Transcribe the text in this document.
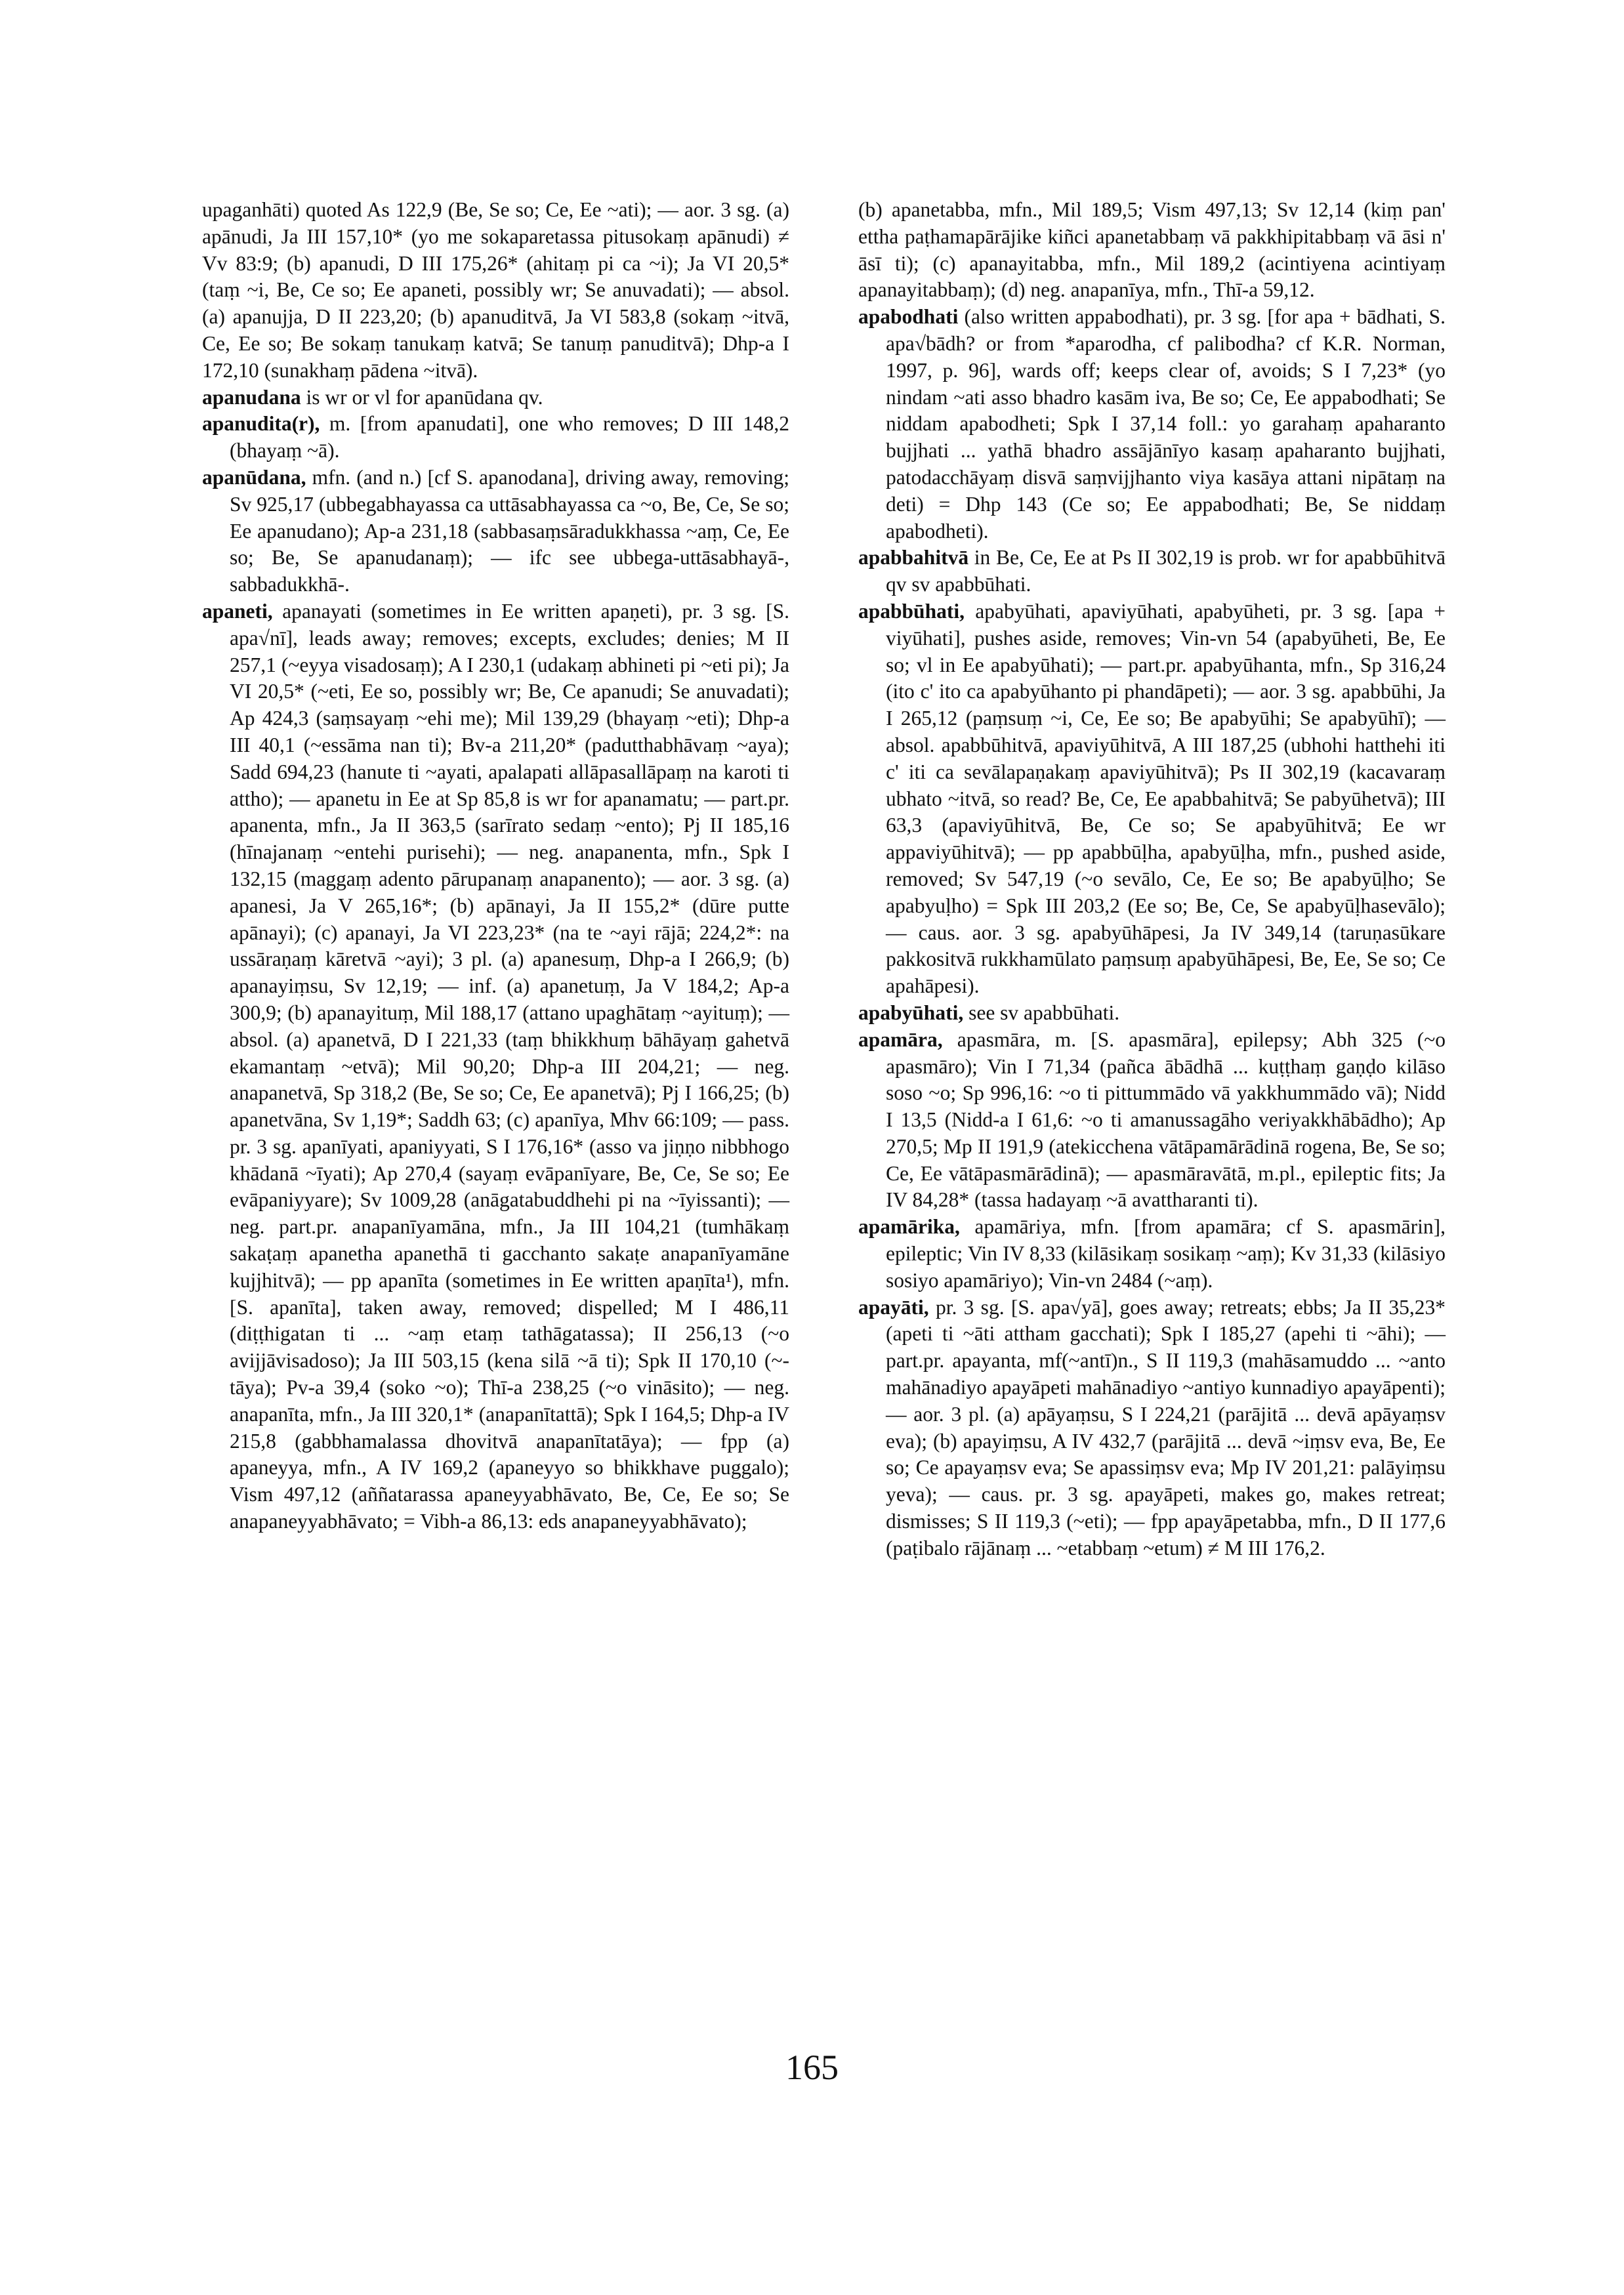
upaganhāti) quoted As 122,9 (Be, Se so; Ce, Ee ~ati); — aor. 3 sg. (a) apānudi, Ja III 157,10* (yo me sokaparetassa pitusokaṃ apānudi) ≠ Vv 83:9; (b) apanudi, D III 175,26* (ahitaṃ pi ca ~i); Ja VI 20,5* (taṃ ~i, Be, Ce so; Ee apaneti, possibly wr; Se anuvadati); — absol. (a) apanujja, D II 223,20; (b) apanuditvā, Ja VI 583,8 (sokaṃ ~itvā, Ce, Ee so; Be sokaṃ tanukaṃ katvā; Se tanuṃ panuditvā); Dhp-a I 172,10 (sunakhaṃ pādena ~itvā).

apanudana is wr or vl for apanūdana qv.

apanudita(r), m. [from apanudati], one who removes; D III 148,2 (bhayaṃ ~ā).

apanūdana, mfn. (and n.) [cf S. apanodana], driving away, removing; Sv 925,17 (ubbegabhayassa ca uttāsabhayassa ca ~o, Be, Ce, Se so; Ee apanudano); Ap-a 231,18 (sabbasaṃsāradukkhassa ~aṃ, Ce, Ee so; Be, Se apanudanaṃ); — ifc see ubbega-uttāsabhayā-, sabbadukkhā-.

apaneti, apanayati (sometimes in Ee written apaṇeti), pr. 3 sg. [S. apa√nī], leads away; removes; excepts, excludes; denies; M II 257,1 (~eyya visadosaṃ); A I 230,1 (udakaṃ abhineti pi ~eti pi); Ja VI 20,5* (~eti, Ee so, possibly wr; Be, Ce apanudi; Se anuvadati); Ap 424,3 (saṃsayaṃ ~ehi me); Mil 139,29 (bhayaṃ ~eti); Dhp-a III 40,1 (~essāma nan ti); Bv-a 211,20* (padutthabhāvaṃ ~aya); Sadd 694,23 (hanute ti ~ayati, apalapati allāpasallāpaṃ na karoti ti attho); — apanetu in Ee at Sp 85,8 is wr for apanamatu; — part.pr. apanenta, mfn., Ja II 363,5 (sarīrato sedaṃ ~ento); Pj II 185,16 (hīnajanaṃ ~entehi purisehi); — neg. anapanenta, mfn., Spk I 132,15 (maggaṃ adento pārupanaṃ anapanento); — aor. 3 sg. (a) apanesi, Ja V 265,16*; (b) apānayi, Ja II 155,2* (dūre putte apānayi); (c) apanayi, Ja VI 223,23* (na te ~ayi rājā; 224,2*: na ussāraṇaṃ kāretvā ~ayi); 3 pl. (a) apanesuṃ, Dhp-a I 266,9; (b) apanayiṃsu, Sv 12,19; — inf. (a) apanetuṃ, Ja V 184,2; Ap-a 300,9; (b) apanayituṃ, Mil 188,17 (attano upaghātaṃ ~ayituṃ); — absol. (a) apanetvā, D I 221,33 (taṃ bhikkhuṃ bāhāyaṃ gahetvā ekamantaṃ ~etvā); Mil 90,20; Dhp-a III 204,21; — neg. anapanetvā, Sp 318,2 (Be, Se so; Ce, Ee apanetvā); Pj I 166,25; (b) apanetvāna, Sv 1,19*; Saddh 63; (c) apanīya, Mhv 66:109; — pass. pr. 3 sg. apanīyati, apaniyyati, S I 176,16* (asso va jiṇṇo nibbhogo khādanā ~īyati); Ap 270,4 (sayaṃ evāpanīyare, Be, Ce, Se so; Ee evāpaniyyare); Sv 1009,28 (anāgatabuddhehi pi na ~īyissanti); — neg. part.pr. anapanīyamāna, mfn., Ja III 104,21 (tumhākaṃ sakaṭaṃ apanetha apanethā ti gacchanto sakaṭe anapanīyamāne kujjhitvā); — pp apanīta (sometimes in Ee written apaṇīta¹), mfn. [S. apanīta], taken away, removed; dispelled; M I 486,11 (diṭṭhigatan ti ... ~aṃ etaṃ tathāgatassa); II 256,13 (~o avijjāvisadoso); Ja III 503,15 (kena silā ~ā ti); Spk II 170,10 (~-tāya); Pv-a 39,4 (soko ~o); Thī-a 238,25 (~o vināsito); — neg. anapanīta, mfn., Ja III 320,1* (anapanītattā); Spk I 164,5; Dhp-a IV 215,8 (gabbhamalassa dhovitvā anapanītatāya); — fpp (a) apaneyya, mfn., A IV 169,2 (apaneyyo so bhikkhave puggalo); Vism 497,12 (aññatarassa apaneyyabhāvato, Be, Ce, Ee so; Se anapaneyyabhāvato; = Vibh-a 86,13: eds anapaneyyabhāvato);

(b) apanetabba, mfn., Mil 189,5; Vism 497,13; Sv 12,14 (kiṃ pan' ettha paṭhamapārājike kiñci apanetabbaṃ vā pakkhipitabbaṃ vā āsi n' āsī ti); (c) apanayitabba, mfn., Mil 189,2 (acintiyena acintiyaṃ apanayitabbaṃ); (d) neg. anapanīya, mfn., Thī-a 59,12.

apabodhati (also written appabodhati), pr. 3 sg. [for apa + bādhati, S. apa√bādh? or from *aparodha, cf palibodha? cf K.R. Norman, 1997, p. 96], wards off; keeps clear of, avoids; S I 7,23* (yo nindam ~ati asso bhadro kasām iva, Be so; Ce, Ee appabodhati; Se niddam apabodheti; Spk I 37,14 foll.: yo garahaṃ apaharanto bujjhati ... yathā bhadro assājānīyo kasaṃ apaharanto bujjhati, patodacchāyaṃ disvā saṃvijjhanto viya kasāya attani nipātaṃ na deti) = Dhp 143 (Ce so; Ee appabodhati; Be, Se niddaṃ apabodheti).

apabbahitvā in Be, Ce, Ee at Ps II 302,19 is prob. wr for apabbūhitvā qv sv apabbūhati.

apabbūhati, apabyūhati, apaviyūhati, apabyūheti, pr. 3 sg. [apa + viyūhati], pushes aside, removes; Vin-vn 54 (apabyūheti, Be, Ee so; vl in Ee apabyūhati); — part.pr. apabyūhanta, mfn., Sp 316,24 (ito c' ito ca apabyūhanto pi phandāpeti); — aor. 3 sg. apabbūhi, Ja I 265,12 (paṃsuṃ ~i, Ce, Ee so; Be apabyūhi; Se apabyūhī); — absol. apabbūhitvā, apaviyūhitvā, A III 187,25 (ubhohi hatthehi iti c' iti ca sevālapaṇakaṃ apaviyūhitvā); Ps II 302,19 (kacavaraṃ ubhato ~itvā, so read? Be, Ce, Ee apabbahitvā; Se pabyūhetvā); III 63,3 (apaviyūhitvā, Be, Ce so; Se apabyūhitvā; Ee wr appaviyūhitvā); — pp apabbūḷha, apabyūḷha, mfn., pushed aside, removed; Sv 547,19 (~o sevālo, Ce, Ee so; Be apabyūḷho; Se apabyuḷho) = Spk III 203,2 (Ee so; Be, Ce, Se apabyūḷhasevālo); — caus. aor. 3 sg. apabyūhāpesi, Ja IV 349,14 (taruṇasūkare pakkositvā rukkhamūlato paṃsuṃ apabyūhāpesi, Be, Ee, Se so; Ce apahāpesi).

apabyūhati, see sv apabbūhati.

apamāra, apasmāra, m. [S. apasmāra], epilepsy; Abh 325 (~o apasmāro); Vin I 71,34 (pañca ābādhā ... kuṭṭhaṃ gaṇḍo kilāso soso ~o; Sp 996,16: ~o ti pittummādo vā yakkhummādo vā); Nidd I 13,5 (Nidd-a I 61,6: ~o ti amanussagāho veriyakkhābādho); Ap 270,5; Mp II 191,9 (atekicchena vātāpamārādinā rogena, Be, Se so; Ce, Ee vātāpasmārādinā); — apasmāravātā, m.pl., epileptic fits; Ja IV 84,28* (tassa hadayaṃ ~ā avattharanti ti).

apamārika, apamāriya, mfn. [from apamāra; cf S. apasmārin], epileptic; Vin IV 8,33 (kilāsikaṃ sosikaṃ ~aṃ); Kv 31,33 (kilāsiyo sosiyo apamāriyo); Vin-vn 2484 (~aṃ).

apayāti, pr. 3 sg. [S. apa√yā], goes away; retreats; ebbs; Ja II 35,23* (apeti ti ~āti attham gacchati); Spk I 185,27 (apehi ti ~āhi); — part.pr. apayanta, mf(~antī)n., S II 119,3 (mahāsamuddo ... ~anto mahānadiyo apayāpeti mahānadiyo ~antiyo kunnadiyo apayāpenti); — aor. 3 pl. (a) apāyaṃsu, S I 224,21 (parājitā ... devā apāyaṃsv eva); (b) apayiṃsu, A IV 432,7 (parājitā ... devā ~iṃsv eva, Be, Ee so; Ce apayaṃsv eva; Se apassiṃsv eva; Mp IV 201,21: palāyiṃsu yeva); — caus. pr. 3 sg. apayāpeti, makes go, makes retreat; dismisses; S II 119,3 (~eti); — fpp apayāpetabba, mfn., D II 177,6 (paṭibalo rājānaṃ ... ~etabbaṃ ~etum) ≠ M III 176,2.

165
